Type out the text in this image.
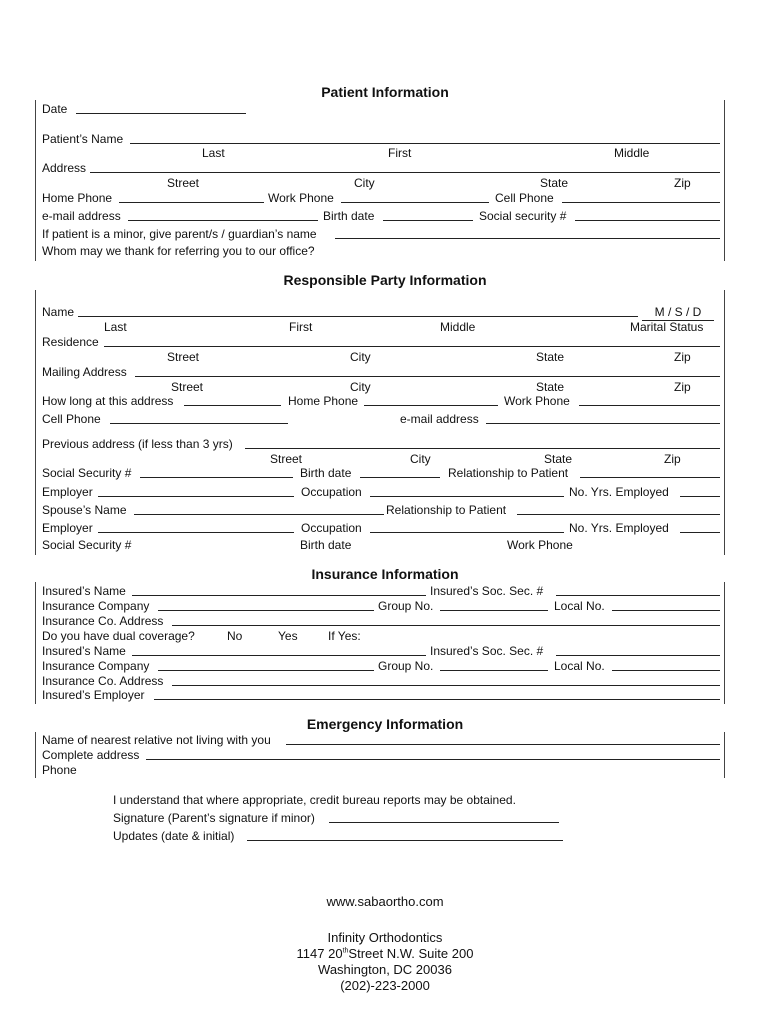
Patient Information
Date
Patient’s Name
Last	First	Middle
Address
Street	City	State	Zip
Home Phone	Work Phone	Cell Phone
e-mail address	Birth date	Social security #
If patient is a minor, give parent/s / guardian’s name
Whom may we thank for referring you to our office?
Responsible Party Information
Name	M / S / D
Last	First	Middle	Marital Status
Residence
Street	City	State	Zip
Mailing Address
Street	City	State	Zip
How long at this address	Home Phone	Work Phone
Cell Phone	e-mail address
Previous address (if less than 3 yrs)
Street	City	State	Zip
Social Security #	Birth date	Relationship to Patient
Employer	Occupation	No. Yrs. Employed
Spouse’s Name	Relationship to Patient
Employer	Occupation	No. Yrs. Employed
Social Security #	Birth date	Work Phone
Insurance Information
Insured’s Name	Insured’s Soc. Sec. #
Insurance Company	Group No.	Local No.
Insurance Co. Address
Do you have dual coverage?	No	Yes	If Yes:
Insured’s Name	Insured’s Soc. Sec. #
Insurance Company	Group No.	Local No.
Insurance Co. Address
Insured’s Employer
Emergency Information
Name of nearest relative not living with you
Complete address
Phone
I understand that where appropriate, credit bureau reports may be obtained.
Signature (Parent’s signature if minor)
Updates (date & initial)
www.sabaortho.com
Infinity Orthodontics
1147 20thStreet N.W. Suite 200
Washington, DC 20036
(202)-223-2000
